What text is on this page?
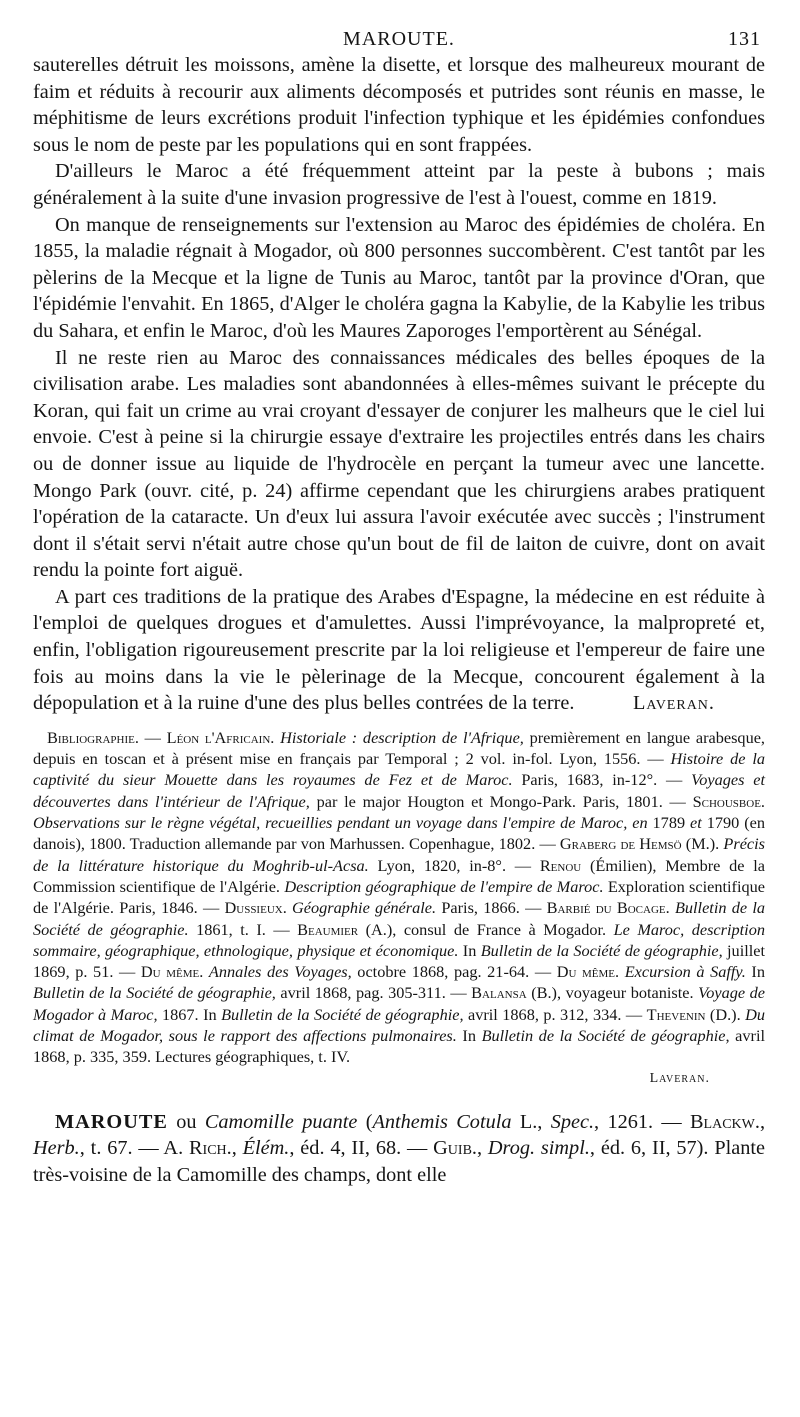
MAROUTE.	131

sauterelles détruit les moissons, amène la disette, et lorsque des malheureux mourant de faim et réduits à recourir aux aliments décomposés et putrides sont réunis en masse, le méphitisme de leurs excrétions produit l'infection typhique et les épidémies confondues sous le nom de peste par les populations qui en sont frappées.

D'ailleurs le Maroc a été fréquemment atteint par la peste à bubons ; mais généralement à la suite d'une invasion progressive de l'est à l'ouest, comme en 1819.

On manque de renseignements sur l'extension au Maroc des épidémies de choléra. En 1855, la maladie régnait à Mogador, où 800 personnes succombèrent. C'est tantôt par les pèlerins de la Mecque et la ligne de Tunis au Maroc, tantôt par la province d'Oran, que l'épidémie l'envahit. En 1865, d'Alger le choléra gagna la Kabylie, de la Kabylie les tribus du Sahara, et enfin le Maroc, d'où les Maures Zaporoges l'emportèrent au Sénégal.

Il ne reste rien au Maroc des connaissances médicales des belles époques de la civilisation arabe. Les maladies sont abandonnées à elles-mêmes suivant le précepte du Koran, qui fait un crime au vrai croyant d'essayer de conjurer les malheurs que le ciel lui envoie. C'est à peine si la chirurgie essaye d'extraire les projectiles entrés dans les chairs ou de donner issue au liquide de l'hydrocèle en perçant la tumeur avec une lancette. Mongo Park (ouvr. cité, p. 24) affirme cependant que les chirurgiens arabes pratiquent l'opération de la cataracte. Un d'eux lui assura l'avoir exécutée avec succès ; l'instrument dont il s'était servi n'était autre chose qu'un bout de fil de laiton de cuivre, dont on avait rendu la pointe fort aiguë.

A part ces traditions de la pratique des Arabes d'Espagne, la médecine en est réduite à l'emploi de quelques drogues et d'amulettes. Aussi l'imprévoyance, la malpropreté et, enfin, l'obligation rigoureusement prescrite par la loi religieuse et l'empereur de faire une fois au moins dans la vie le pèlerinage de la Mecque, concourent également à la dépopulation et à la ruine d'une des plus belles contrées de la terre.	Laveran.

Bibliographie. — Léon l'Africain. Historiale : description de l'Afrique, premièrement en langue arabesque, depuis en toscan et à présent mise en français par Temporal ; 2 vol. in-fol. Lyon, 1556. — Histoire de la captivité du sieur Mouette dans les royaumes de Fez et de Maroc. Paris, 1683, in-12°. — Voyages et découvertes dans l'intérieur de l'Afrique, par le major Hougton et Mongo-Park. Paris, 1801. — Schousboe. Observations sur le règne végétal, recueillies pendant un voyage dans l'empire de Maroc, en 1789 et 1790 (en danois), 1800. Traduction allemande par von Marhussen. Copenhague, 1802. — Graberg de Hemsö (M.). Précis de la littérature historique du Moghrib-ul-Acsa. Lyon, 1820, in-8°. — Renou (Émilien), Membre de la Commission scientifique de l'Algérie. Description géographique de l'empire de Maroc. Exploration scientifique de l'Algérie. Paris, 1846. — Dussieux. Géographie générale. Paris, 1866. — Barbié du Bocage. Bulletin de la Société de géographie. 1861, t. I. — Beaumier (A.), consul de France à Mogador. Le Maroc, description sommaire, géographique, ethnologique, physique et économique. In Bulletin de la Société de géographie, juillet 1869, p. 51. — Du même. Annales des Voyages, octobre 1868, pag. 21-64. — Du même. Excursion à Saffy. In Bulletin de la Société de géographie, avril 1868, pag. 305-311. — Balansa (B.), voyageur botaniste. Voyage de Mogador à Maroc, 1867. In Bulletin de la Société de géographie, avril 1868, p. 312, 334. — Thevenin (D.). Du climat de Mogador, sous le rapport des affections pulmonaires. In Bulletin de la Société de géographie, avril 1868, p. 335, 359. Lectures géographiques, t. IV.

Laveran.

MAROUTE ou Camomille puante (Anthemis Cotula L., Spec., 1261. — Blackw., Herb., t. 67. — A. Rich., Élém., éd. 4, II, 68. — Guib., Drog. simpl., éd. 6, II, 57). Plante très-voisine de la Camomille des champs, dont elle
